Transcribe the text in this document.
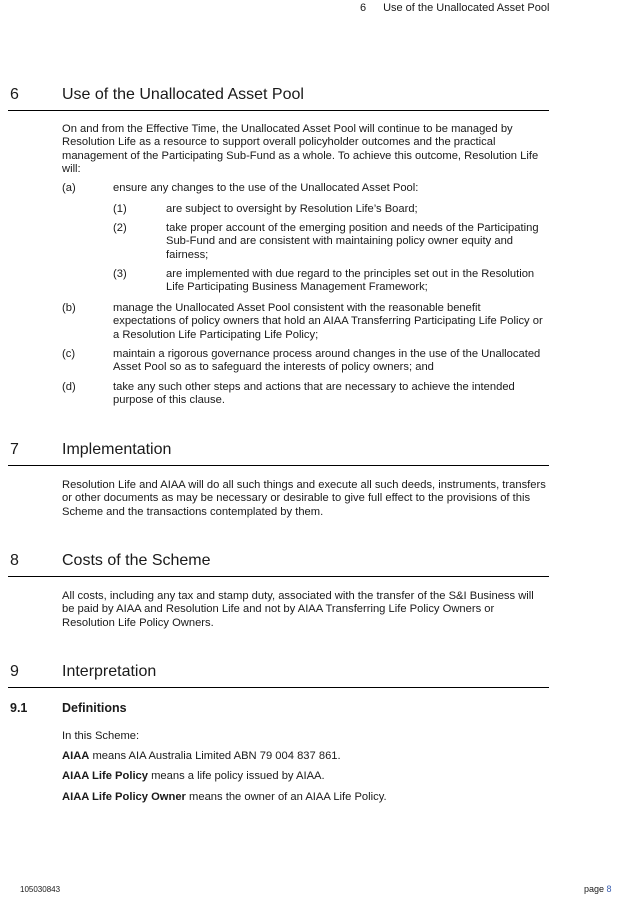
6 Use of the Unallocated Asset Pool
6	Use of the Unallocated Asset Pool
On and from the Effective Time, the Unallocated Asset Pool will continue to be managed by Resolution Life as a resource to support overall policyholder outcomes and the practical management of the Participating Sub-Fund as a whole. To achieve this outcome, Resolution Life will:
(a)	ensure any changes to the use of the Unallocated Asset Pool:
(1)	are subject to oversight by Resolution Life’s Board;
(2)	take proper account of the emerging position and needs of the Participating Sub-Fund and are consistent with maintaining policy owner equity and fairness;
(3)	are implemented with due regard to the principles set out in the Resolution Life Participating Business Management Framework;
(b)	manage the Unallocated Asset Pool consistent with the reasonable benefit expectations of policy owners that hold an AIAA Transferring Participating Life Policy or a Resolution Life Participating Life Policy;
(c)	maintain a rigorous governance process around changes in the use of the Unallocated Asset Pool so as to safeguard the interests of policy owners; and
(d)	take any such other steps and actions that are necessary to achieve the intended purpose of this clause.
7	Implementation
Resolution Life and AIAA will do all such things and execute all such deeds, instruments, transfers or other documents as may be necessary or desirable to give full effect to the provisions of this Scheme and the transactions contemplated by them.
8	Costs of the Scheme
All costs, including any tax and stamp duty, associated with the transfer of the S&I Business will be paid by AIAA and Resolution Life and not by AIAA Transferring Life Policy Owners or Resolution Life Policy Owners.
9	Interpretation
9.1	Definitions
In this Scheme:
AIAA means AIA Australia Limited ABN 79 004 837 861.
AIAA Life Policy means a life policy issued by AIAA.
AIAA Life Policy Owner means the owner of an AIAA Life Policy.
105030843	page 8
